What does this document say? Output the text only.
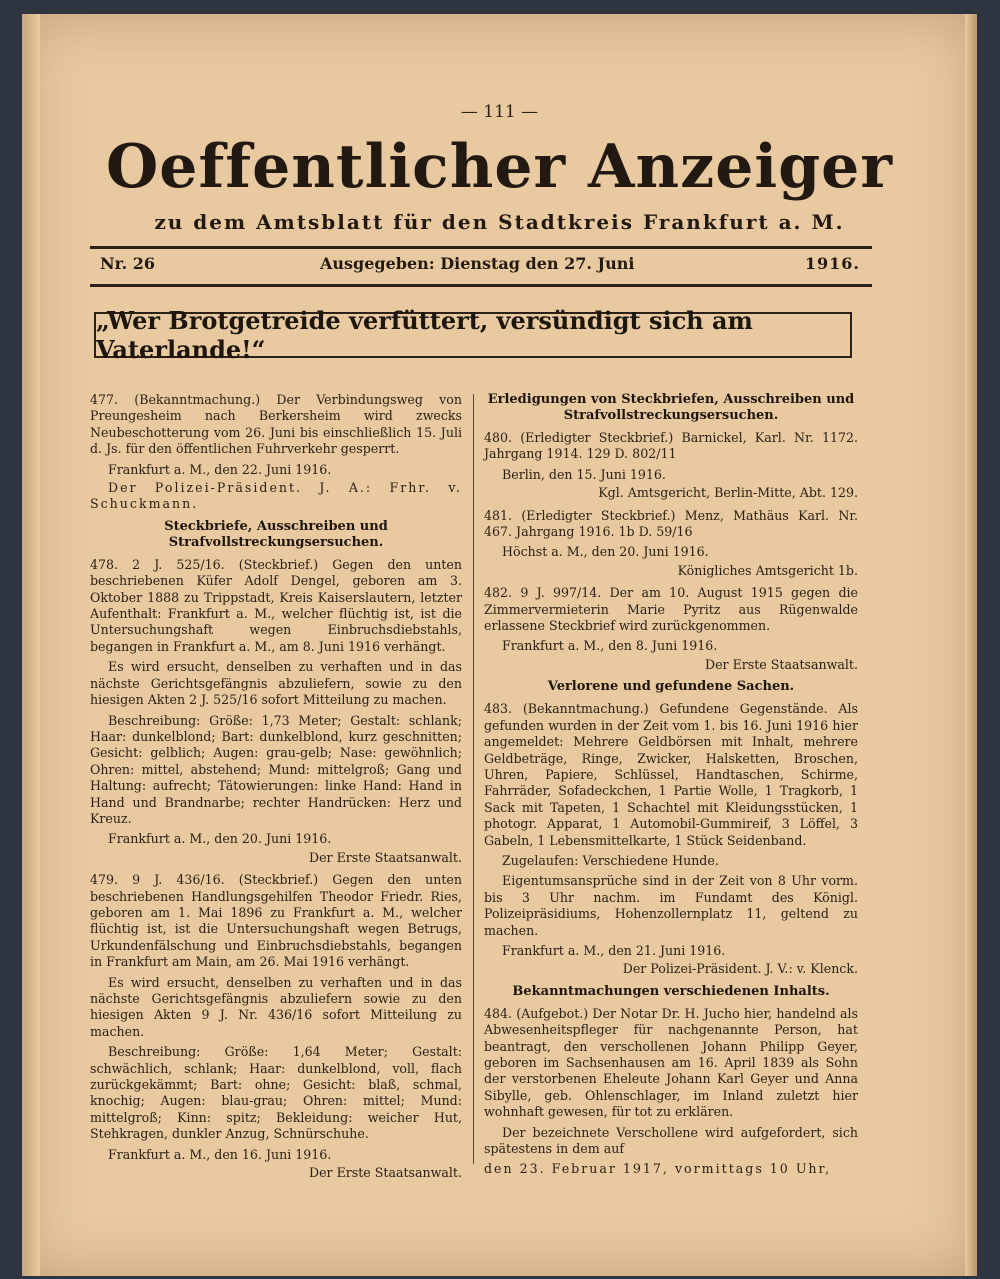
— 111 —
Oeffentlicher Anzeiger
zu dem Amtsblatt für den Stadtkreis Frankfurt a. M.
Nr. 26	Ausgegeben: Dienstag den 27. Juni	1916.
„Wer Brotgetreide verfüttert, versündigt sich am Vaterlande!“

477. (Bekanntmachung.) Der Verbindungsweg von Preungesheim nach Berkersheim wird zwecks Neubeschotterung vom 26. Juni bis einschließlich 15. Juli d. Js. für den öffentlichen Fuhrverkehr gesperrt.

Frankfurt a. M., den 22. Juni 1916.

Der Polizei-Präsident. J. A.: Frhr. v. Schuckmann.

Steckbriefe, Ausschreiben und Strafvollstreckungsersuchen.

478. 2 J. 525/16. (Steckbrief.) Gegen den unten beschriebenen Küfer Adolf Dengel, geboren am 3. Oktober 1888 zu Trippstadt, Kreis Kaiserslautern, letzter Aufenthalt: Frankfurt a. M., welcher flüchtig ist, ist die Untersuchungshaft wegen Einbruchsdiebstahls, begangen in Frankfurt a. M., am 8. Juni 1916 verhängt.

Es wird ersucht, denselben zu verhaften und in das nächste Gerichtsgefängnis abzuliefern, sowie zu den hiesigen Akten 2 J. 525/16 sofort Mitteilung zu machen.

Beschreibung: Größe: 1,73 Meter; Gestalt: schlank; Haar: dunkelblond; Bart: dunkelblond, kurz geschnitten; Gesicht: gelblich; Augen: grau-gelb; Nase: gewöhnlich; Ohren: mittel, abstehend; Mund: mittelgroß; Gang und Haltung: aufrecht; Tätowierungen: linke Hand: Hand in Hand und Brandnarbe; rechter Handrücken: Herz und Kreuz.

Frankfurt a. M., den 20. Juni 1916.

Der Erste Staatsanwalt.

479. 9 J. 436/16. (Steckbrief.) Gegen den unten beschriebenen Handlungsgehilfen Theodor Friedr. Ries, geboren am 1. Mai 1896 zu Frankfurt a. M., welcher flüchtig ist, ist die Untersuchungshaft wegen Betrugs, Urkundenfälschung und Einbruchsdiebstahls, begangen in Frankfurt am Main, am 26. Mai 1916 verhängt.

Es wird ersucht, denselben zu verhaften und in das nächste Gerichtsgefängnis abzuliefern sowie zu den hiesigen Akten 9 J. Nr. 436/16 sofort Mitteilung zu machen.

Beschreibung: Größe: 1,64 Meter; Gestalt: schwächlich, schlank; Haar: dunkelblond, voll, flach zurückgekämmt; Bart: ohne; Gesicht: blaß, schmal, knochig; Augen: blau-grau; Ohren: mittel; Mund: mittelgroß; Kinn: spitz; Bekleidung: weicher Hut, Stehkragen, dunkler Anzug, Schnürschuhe.

Frankfurt a. M., den 16. Juni 1916.

Der Erste Staatsanwalt.

Erledigungen von Steckbriefen, Ausschreiben und Strafvollstreckungsersuchen.

480. (Erledigter Steckbrief.) Barnickel, Karl. Nr. 1172. Jahrgang 1914. 129 D. 802/11

Berlin, den 15. Juni 1916.

Kgl. Amtsgericht, Berlin-Mitte, Abt. 129.

481. (Erledigter Steckbrief.) Menz, Mathäus Karl. Nr. 467. Jahrgang 1916. 1b D. 59/16

Höchst a. M., den 20. Juni 1916.

Königliches Amtsgericht 1b.

482. 9 J. 997/14. Der am 10. August 1915 gegen die Zimmervermieterin Marie Pyritz aus Rügenwalde erlassene Steckbrief wird zurückgenommen.

Frankfurt a. M., den 8. Juni 1916.

Der Erste Staatsanwalt.

Verlorene und gefundene Sachen.

483. (Bekanntmachung.) Gefundene Gegenstände. Als gefunden wurden in der Zeit vom 1. bis 16. Juni 1916 hier angemeldet: Mehrere Geldbörsen mit Inhalt, mehrere Geldbeträge, Ringe, Zwicker, Halsketten, Broschen, Uhren, Papiere, Schlüssel, Handtaschen, Schirme, Fahrräder, Sofadeckchen, 1 Partie Wolle, 1 Tragkorb, 1 Sack mit Tapeten, 1 Schachtel mit Kleidungsstücken, 1 photogr. Apparat, 1 Automobil-Gummireif, 3 Löffel, 3 Gabeln, 1 Lebensmittelkarte, 1 Stück Seidenband.

Zugelaufen: Verschiedene Hunde.

Eigentumsansprüche sind in der Zeit von 8 Uhr vorm. bis 3 Uhr nachm. im Fundamt des Königl. Polizeipräsidiums, Hohenzollernplatz 11, geltend zu machen.

Frankfurt a. M., den 21. Juni 1916.

Der Polizei-Präsident. J. V.: v. Klenck.

Bekanntmachungen verschiedenen Inhalts.

484. (Aufgebot.) Der Notar Dr. H. Jucho hier, handelnd als Abwesenheitspfleger für nachgenannte Person, hat beantragt, den verschollenen Johann Philipp Geyer, geboren im Sachsenhausen am 16. April 1839 als Sohn der verstorbenen Eheleute Johann Karl Geyer und Anna Sibylle, geb. Ohlenschlager, im Inland zuletzt hier wohnhaft gewesen, für tot zu erklären.

Der bezeichnete Verschollene wird aufgefordert, sich spätestens in dem auf

den 23. Februar 1917, vormittags 10 Uhr,
